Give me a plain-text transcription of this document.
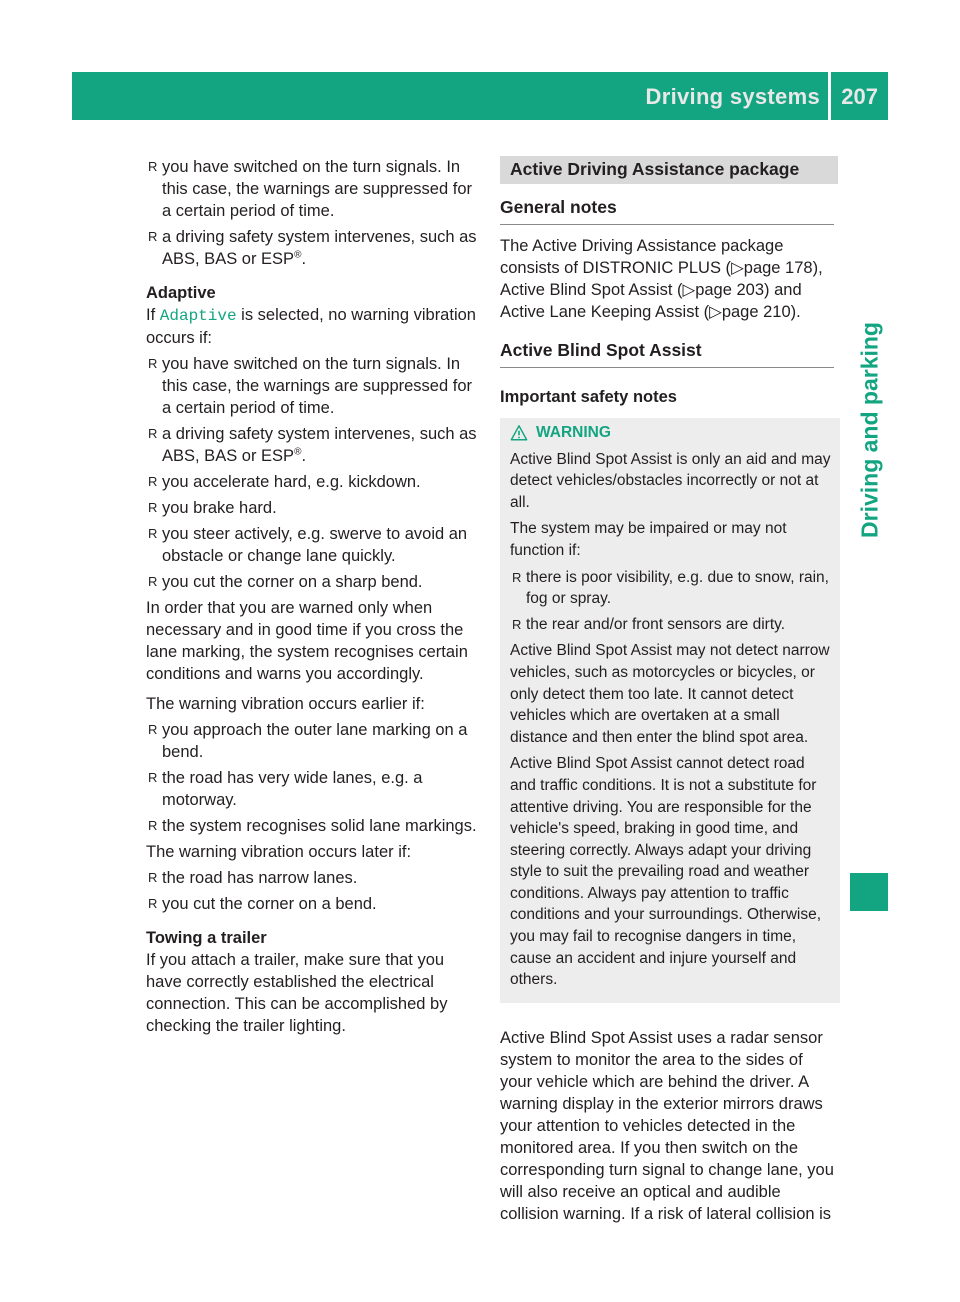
Driving systems 207
Driving and parking

R you have switched on the turn signals. In this case, the warnings are suppressed for a certain period of time.

R a driving safety system intervenes, such as ABS, BAS or ESP®.

Adaptive

If Adaptive is selected, no warning vibration occurs if:

R you have switched on the turn signals. In this case, the warnings are suppressed for a certain period of time.

R a driving safety system intervenes, such as ABS, BAS or ESP®.

R you accelerate hard, e.g. kickdown.

R you brake hard.

R you steer actively, e.g. swerve to avoid an obstacle or change lane quickly.

R you cut the corner on a sharp bend.

In order that you are warned only when necessary and in good time if you cross the lane marking, the system recognises certain conditions and warns you accordingly.

The warning vibration occurs earlier if:

R you approach the outer lane marking on a bend.

R the road has very wide lanes, e.g. a motorway.

R the system recognises solid lane markings.

The warning vibration occurs later if:

R the road has narrow lanes.

R you cut the corner on a bend.

Towing a trailer

If you attach a trailer, make sure that you have correctly established the electrical connection. This can be accomplished by checking the trailer lighting.

Active Driving Assistance package
General notes

The Active Driving Assistance package consists of DISTRONIC PLUS (▷page 178), Active Blind Spot Assist (▷page 203) and Active Lane Keeping Assist (▷page 210).

Active Blind Spot Assist

Important safety notes

WARNING

Active Blind Spot Assist is only an aid and may detect vehicles/obstacles incorrectly or not at all.

The system may be impaired or may not function if:

R there is poor visibility, e.g. due to snow, rain, fog or spray.

R the rear and/or front sensors are dirty.

Active Blind Spot Assist may not detect narrow vehicles, such as motorcycles or bicycles, or only detect them too late. It cannot detect vehicles which are overtaken at a small distance and then enter the blind spot area.

Active Blind Spot Assist cannot detect road and traffic conditions. It is not a substitute for attentive driving. You are responsible for the vehicle's speed, braking in good time, and steering correctly. Always adapt your driving style to suit the prevailing road and weather conditions. Always pay attention to traffic conditions and your surroundings. Otherwise, you may fail to recognise dangers in time, cause an accident and injure yourself and others.

Active Blind Spot Assist uses a radar sensor system to monitor the area to the sides of your vehicle which are behind the driver. A warning display in the exterior mirrors draws your attention to vehicles detected in the monitored area. If you then switch on the corresponding turn signal to change lane, you will also receive an optical and audible collision warning. If a risk of lateral collision is
